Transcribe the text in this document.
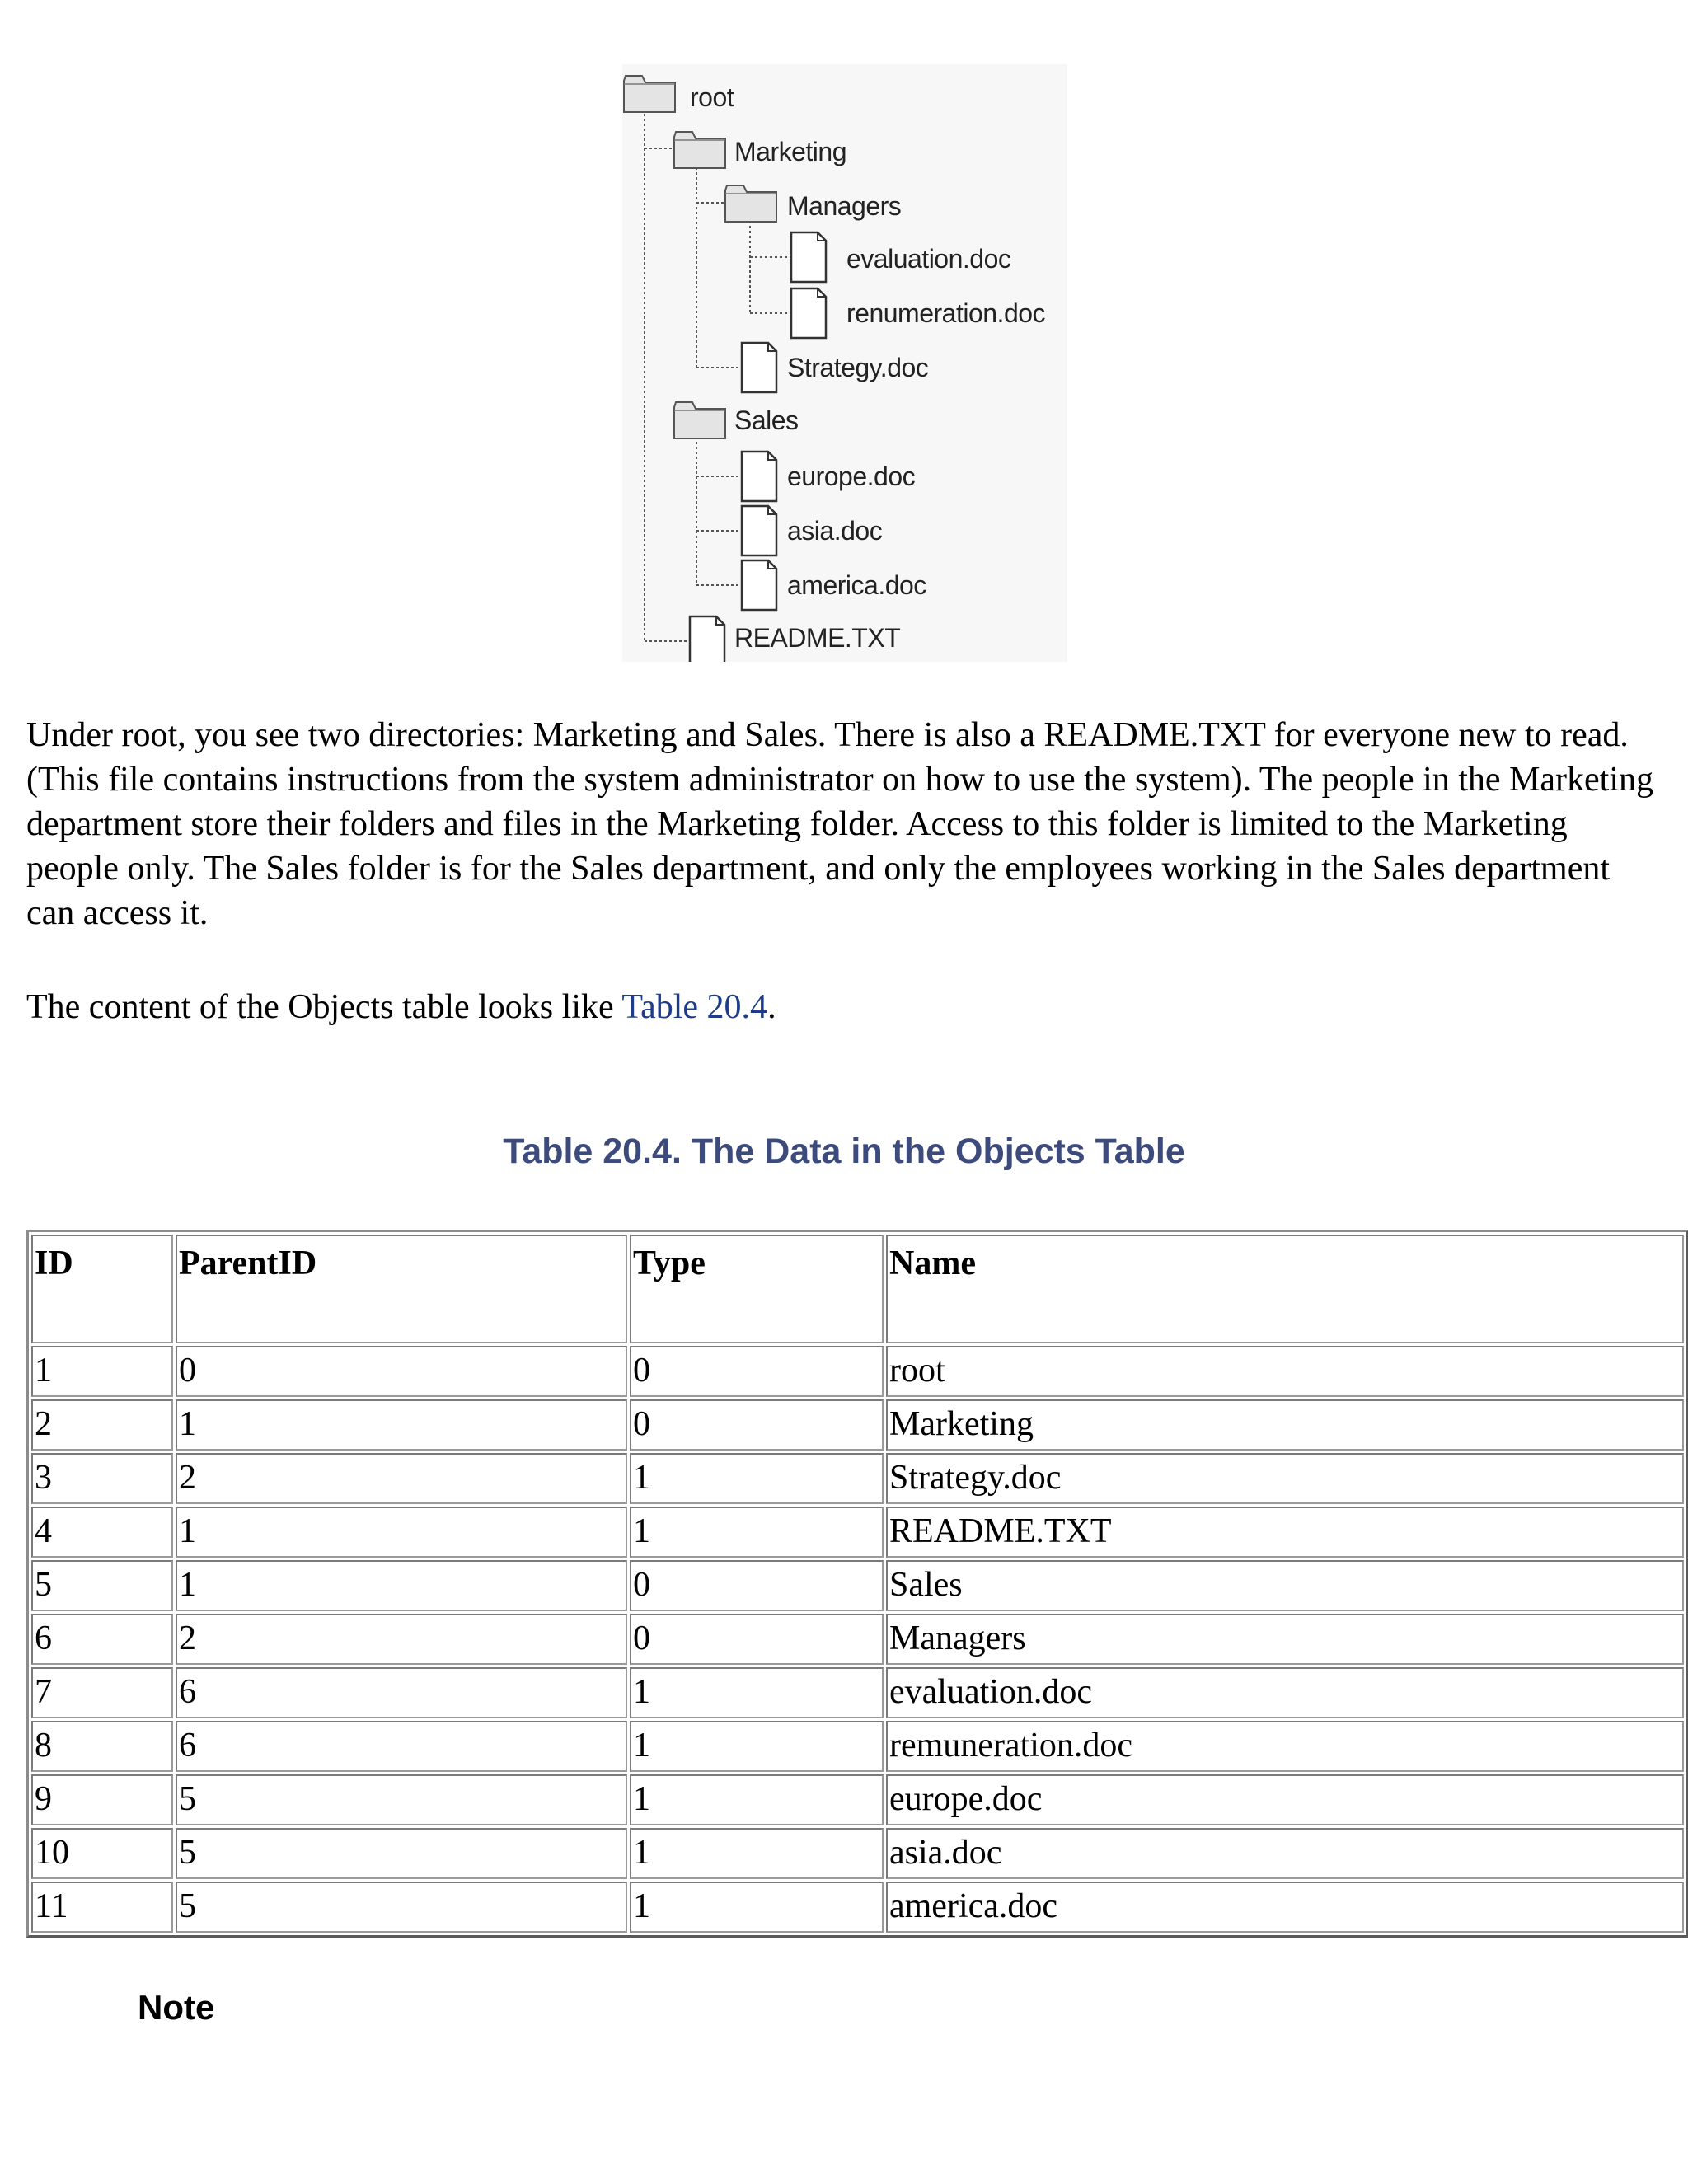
root
Marketing
Managers
evaluation.doc
renumeration.doc
Strategy.doc
Sales
europe.doc
asia.doc
america.doc
README.TXT

Under root, you see two directories: Marketing and Sales. There is also a README.TXT for everyone new to read. (This file contains instructions from the system administrator on how to use the system). The people in the Marketing department store their folders and files in the Marketing folder. Access to this folder is limited to the Marketing people only. The Sales folder is for the Sales department, and only the employees working in the Sales department can access it.

The content of the Objects table looks like Table 20.4.

Table 20.4. The Data in the Objects Table
ID	ParentID	Type	Name
1	0	0	root
2	1	0	Marketing
3	2	1	Strategy.doc
4	1	1	README.TXT
5	1	0	Sales
6	2	0	Managers
7	6	1	evaluation.doc
8	6	1	remuneration.doc
9	5	1	europe.doc
10	5	1	asia.doc
11	5	1	america.doc
Note
